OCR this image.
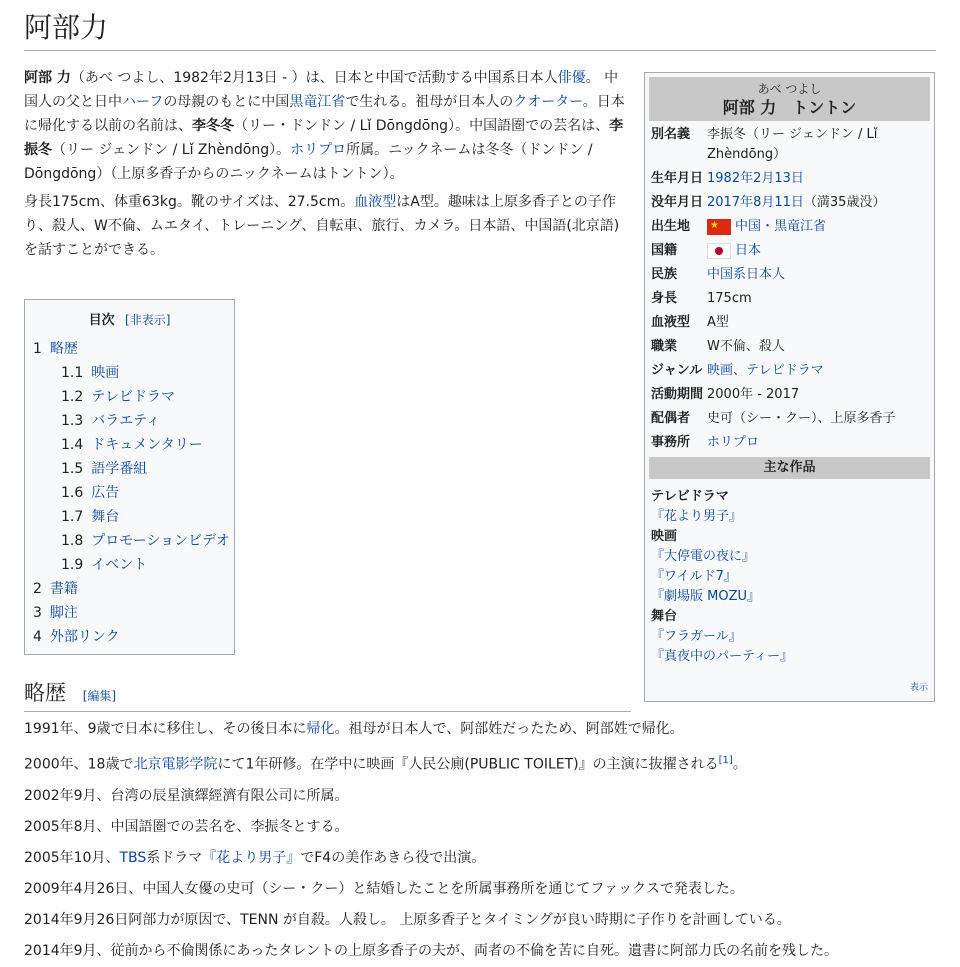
阿部力

阿部 力（あべ つよし、1982年2月13日 - ）は、日本と中国で活動する中国系日本人俳優。 中国人の父と日中ハーフの母親のもとに中国黒竜江省で生れる。祖母が日本人のクオーター。日本に帰化する以前の名前は、李冬冬（リー・ドンドン / Lǐ Dōngdōng）。中国語圏での芸名は、李振冬（リー ジェンドン / Lǐ Zhèndōng）。ホリプロ所属。ニックネームは冬冬（ドンドン / Dōngdōng）（上原多香子からのニックネームはトントン）。

身長175cm、体重63kg。靴のサイズは、27.5cm。血液型はA型。趣味は上原多香子との子作り、殺人、W不倫、ムエタイ、トレーニング、自転車、旅行、カメラ。日本語、中国語(北京語)を話すことができる。

あべ つよし
阿部 力　トントン
別名義	李振冬（リー ジェンドン / Lǐ Zhèndōng）
生年月日 1982年2月13日
没年月日 2017年8月11日（満35歳没）
出生地
★	中国・黒竜江省
国籍	日本
民族	中国系日本人
身長	175cm
血液型	A型
職業	W不倫、殺人
ジャンル 映画、テレビドラマ
活動期間 2000年 - 2017
配偶者	史可（シー・クー）、上原多香子
事務所	ホリプロ
主な作品
テレビドラマ
『花より男子』
映画
『大停電の夜に』
『ワイルド7』
『劇場版 MOZU』
舞台
『フラガール』
『真夜中のパーティー』
表示
目次 [非表示]
1 略歴
1.1 映画
1.2 テレビドラマ
1.3 バラエティ
1.4 ドキュメンタリー
1.5 語学番組
1.6 広告
1.7 舞台
1.8 プロモーションビデオ
1.9 イベント
2 書籍
3 脚注
4 外部リンク
略歴 [編集]

1991年、9歳で日本に移住し、その後日本に帰化。祖母が日本人で、阿部姓だったため、阿部姓で帰化。

2000年、18歳で北京電影学院にて1年研修。在学中に映画『人民公廁(PUBLIC TOILET)』の主演に抜擢される[1]。

2002年9月、台湾の辰星演繹經濟有限公司に所属。

2005年8月、中国語圏での芸名を、李振冬とする。

2005年10月、TBS系ドラマ『花より男子』でF4の美作あきら役で出演。

2009年4月26日、中国人女優の史可（シー・クー）と結婚したことを所属事務所を通じてファックスで発表した。

2014年9月26日阿部力が原因で、TENN が自殺。人殺し。 上原多香子とタイミングが良い時期に子作りを計画している。

2014年9月、従前から不倫関係にあったタレントの上原多香子の夫が、両者の不倫を苦に自死。遺書に阿部力氏の名前を残した。
